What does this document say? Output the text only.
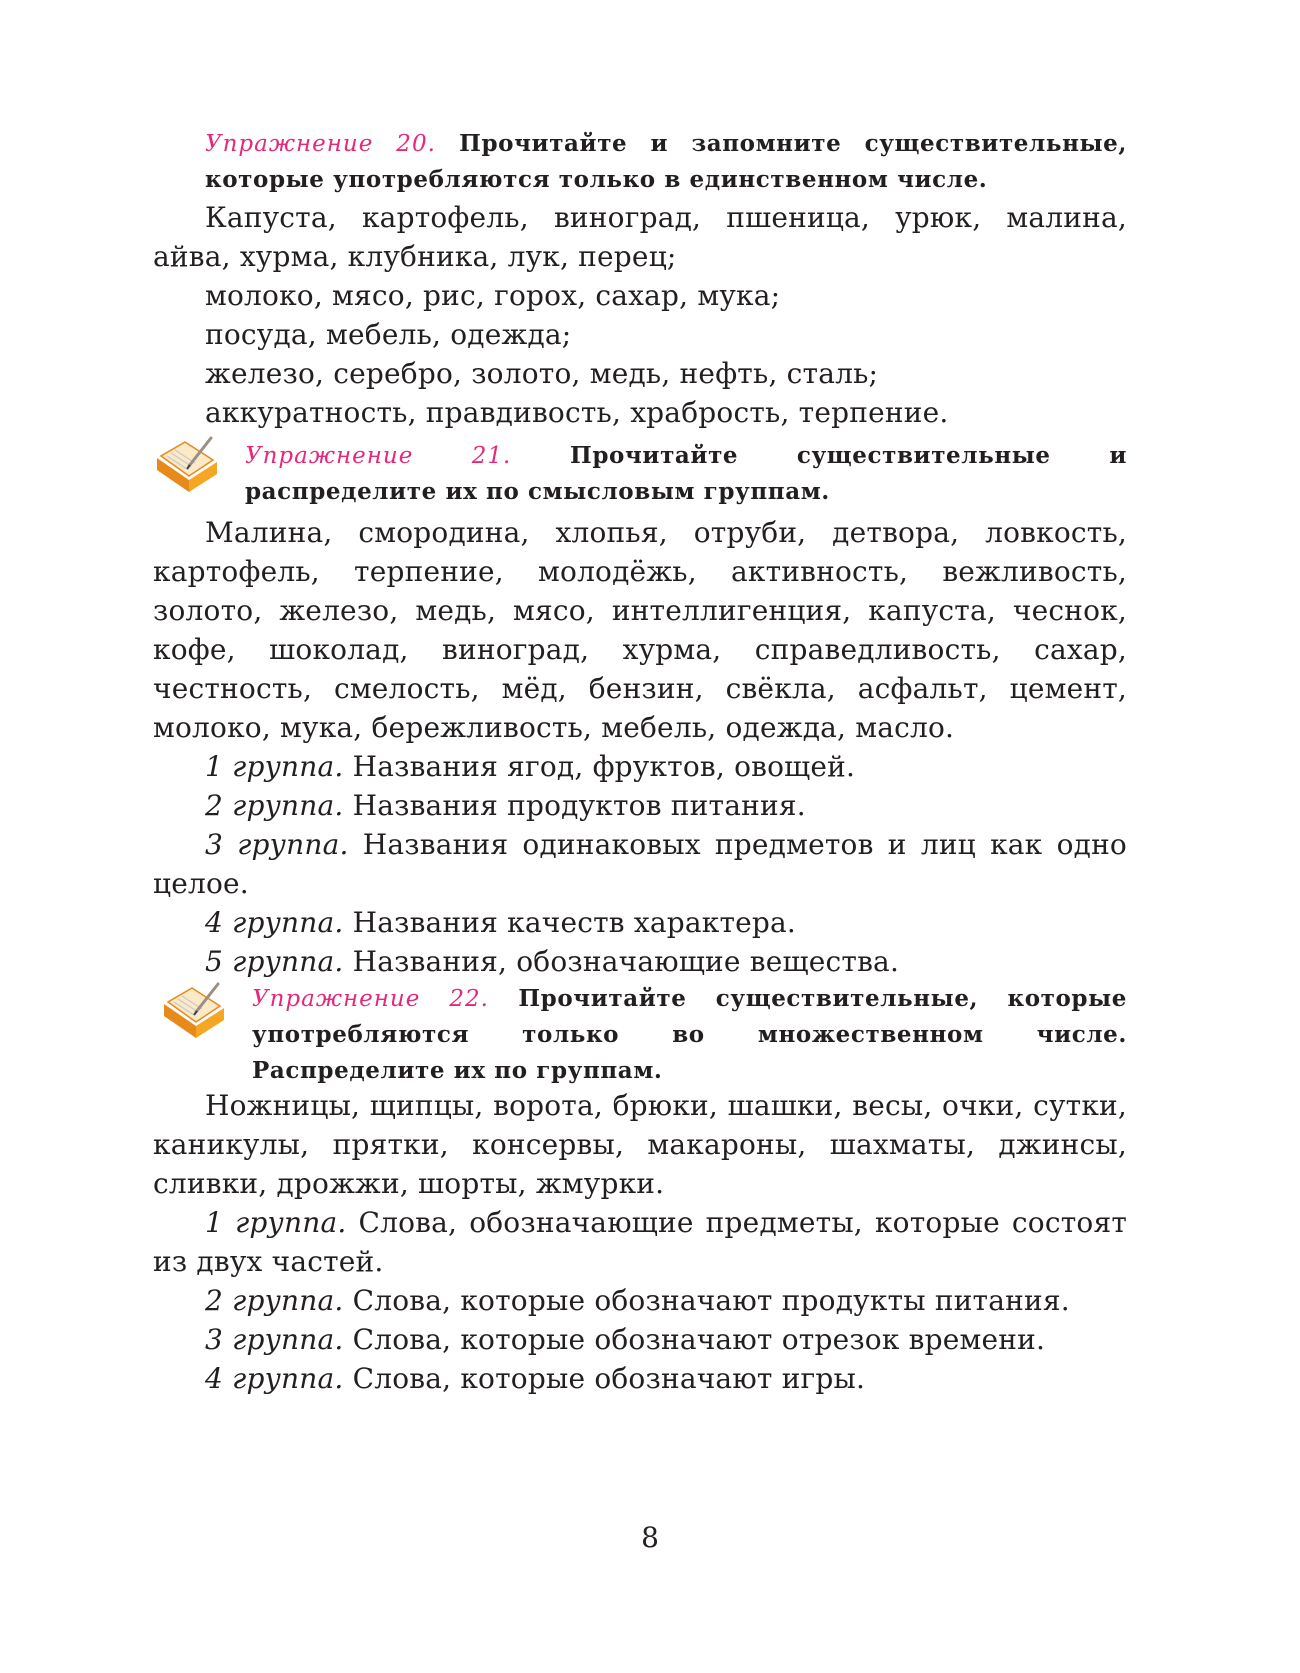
Упражнение 20. Прочитайте и запомните существительные, которые употребляются только в единственном числе.

Капуста, картофель, виноград, пшеница, урюк, малина, айва, хурма, клубника, лук, перец;

молоко, мясо, рис, горох, сахар, мука;

посуда, мебель, одежда;

железо, серебро, золото, медь, нефть, сталь;

аккуратность, правдивость, храбрость, терпение.

Упражнение 21.	Прочитайте существительные и распределите их по смысловым группам.

Малина, смородина, хлопья, отруби, детвора, ловкость, картофель, терпение, молодёжь, активность, вежливость, золото, железо, медь, мясо, интеллигенция, капуста, чеснок, кофе, шоколад, виноград, хурма, справедливость, сахар, честность, смелость, мёд, бензин, свёкла, асфальт, цемент, молоко, мука, бережливость, мебель, одежда, масло.

1 группа. Названия ягод, фруктов, овощей.

2 группа. Названия продуктов питания.

3 группа. Названия одинаковых предметов и лиц как одно целое.

4 группа. Названия качеств характера.

5 группа. Названия, обозначающие вещества.

Упражнение 22. Прочитайте существительные, которые употребляются только во множественном числе. Распределите их по группам.

Ножницы, щипцы, ворота, брюки, шашки, весы, очки, сутки, каникулы, прятки, консервы, макароны, шахматы, джинсы, сливки, дрожжи, шорты, жмурки.

1 группа. Слова, обозначающие предметы, которые состоят из двух частей.

2 группа. Слова, которые обозначают продукты питания.

3 группа. Слова, которые обозначают отрезок времени.

4 группа. Слова, которые обозначают игры.

8
